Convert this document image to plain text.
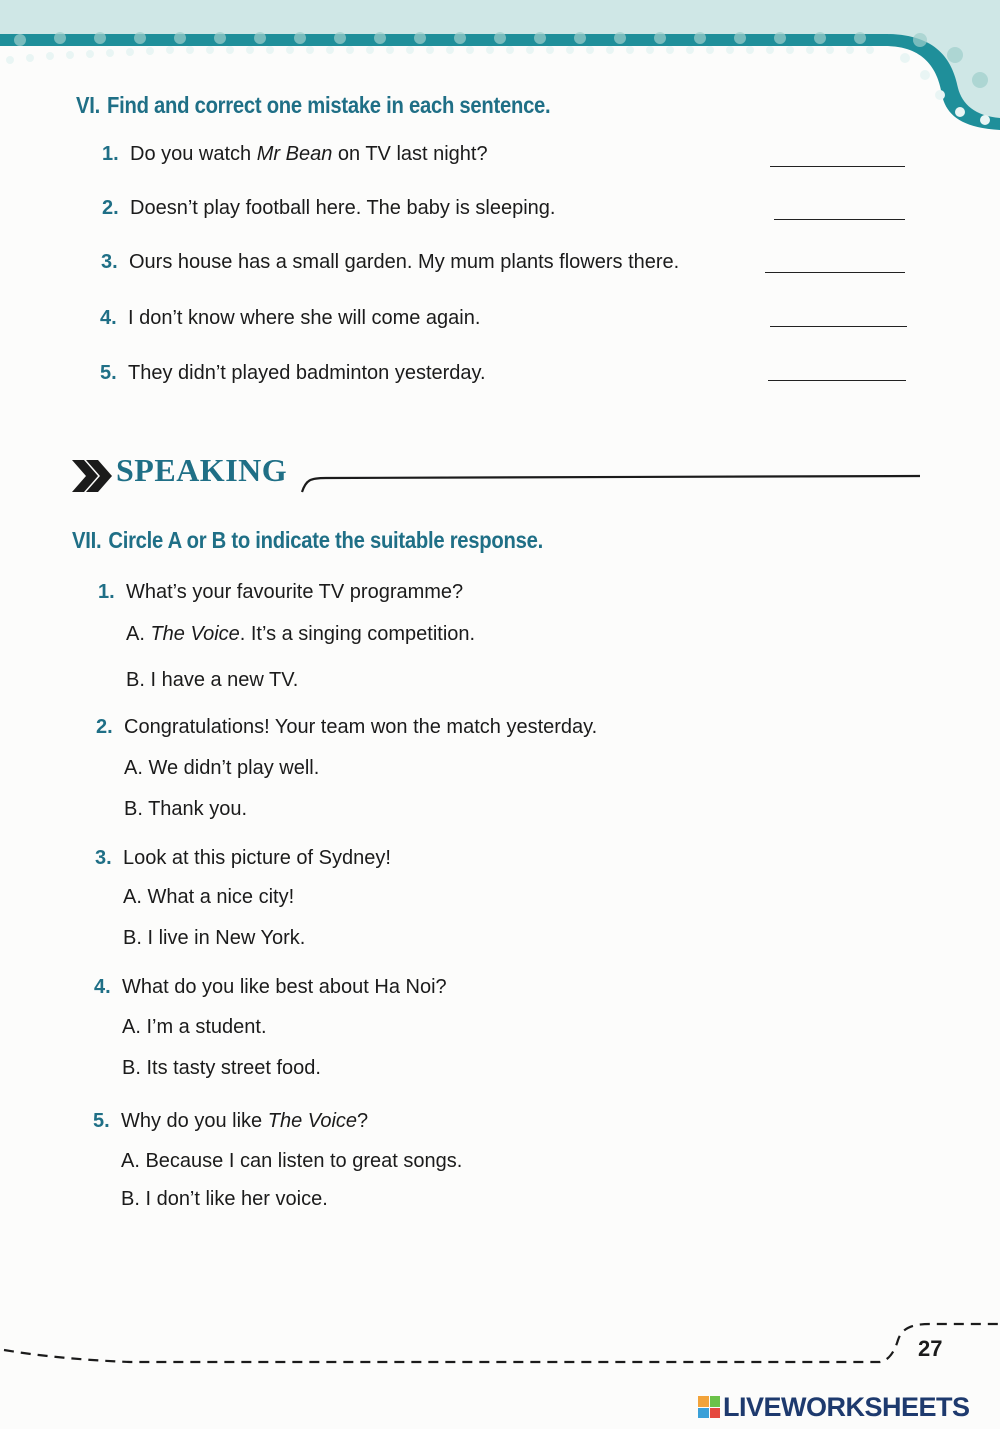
VI. Find and correct one mistake in each sentence.
1. Do you watch Mr Bean on TV last night?
2. Doesn’t play football here. The baby is sleeping.
3. Ours house has a small garden. My mum plants flowers there.
4. I don’t know where she will come again.
5. They didn’t played badminton yesterday.
SPEAKING
VII. Circle A or B to indicate the suitable response.
1. What’s your favourite TV programme?
A. The Voice. It’s a singing competition.
B. I have a new TV.
2. Congratulations! Your team won the match yesterday.
A. We didn’t play well.
B. Thank you.
3. Look at this picture of Sydney!
A. What a nice city!
B. I live in New York.
4. What do you like best about Ha Noi?
A. I’m a student.
B. Its tasty street food.
5. Why do you like The Voice?
A. Because I can listen to great songs.
B. I don’t like her voice.
27
LIVEWORKSHEETS
